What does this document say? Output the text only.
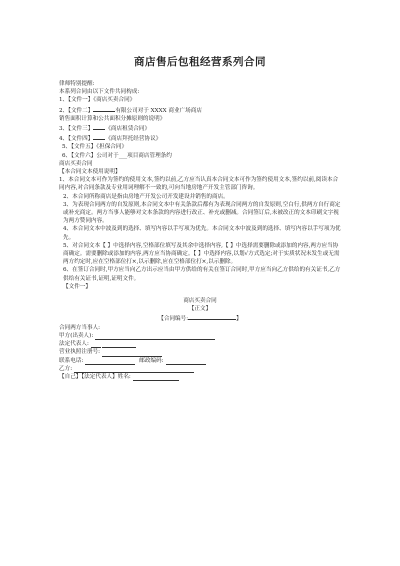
商店售后包租经营系列合同
律师特别提醒:
本系列合同由以下文件共同构成:
1、【文件一】《商店买卖合同》
2、【文件二】	有限公司对于 XXXX 商业广场商店
销售面积计算和公共面积分摊原则的说明》
3、【文件三】 《商店租赁合同》
4、【文件四】 《商店拜托经营协议》
5、【文件五】《担保合同》
6、【文件六】公司对于___项目商店管理条约
商店买卖合同
【本合同文本使用说明】
1、本合同文本可作为签约的使用文本,签约以前,乙方应当认真本合同文本可作为签约使用文本,签约以前,阅读本合同内容,对合同条款及专业用词理解不一致的,可向当地房地产开发主管部门咨询。
2、本合同所称商店是指由房地产开发公司开发建设并销售的商店。
3、为表现合同两方的自发原则,本合同文本中有关条款后都有为表现合同两方的自发原则,空白行,供两方自行商定或补充商定。两方当事人能够对文本条款的内容进行改正、补充或删减。合同签订后,未被改正的文本印刷文字视为两方赞同内容。
4、本合同文本中波及到的选择、填写内容以手写项为优先。本合同文本中波及到的选择、填写内容以手写项为优先。
5、对合同文本【 】中选择内容,空格部位填写及其余中选择内容,【 】中选择需要删除或添加的内容,两方应当协商确定。需要删除或添加的内容,两方应当协商确定。【 】中选择内容,以划√方式选定;对于实质状况未发生或无需两方约定时,应在空格部位打×,以示删除,应在空格部位打×,以示删除。
6、在签订合同时,甲方应当向乙方出示应当由甲方供给的有关在签订合同时,甲方应当向乙方供给的有关证书,乙方供给有关证书,证明,证明文件。
【文件一】
商店买卖合同
【正文】
【合同编号:	】
合同两方当事人:
甲方(出卖人):
法定代表人:
营业执照注册号:
联系电话:	邮政编码:
乙方:
【自己】【法定代表人】姓名:
